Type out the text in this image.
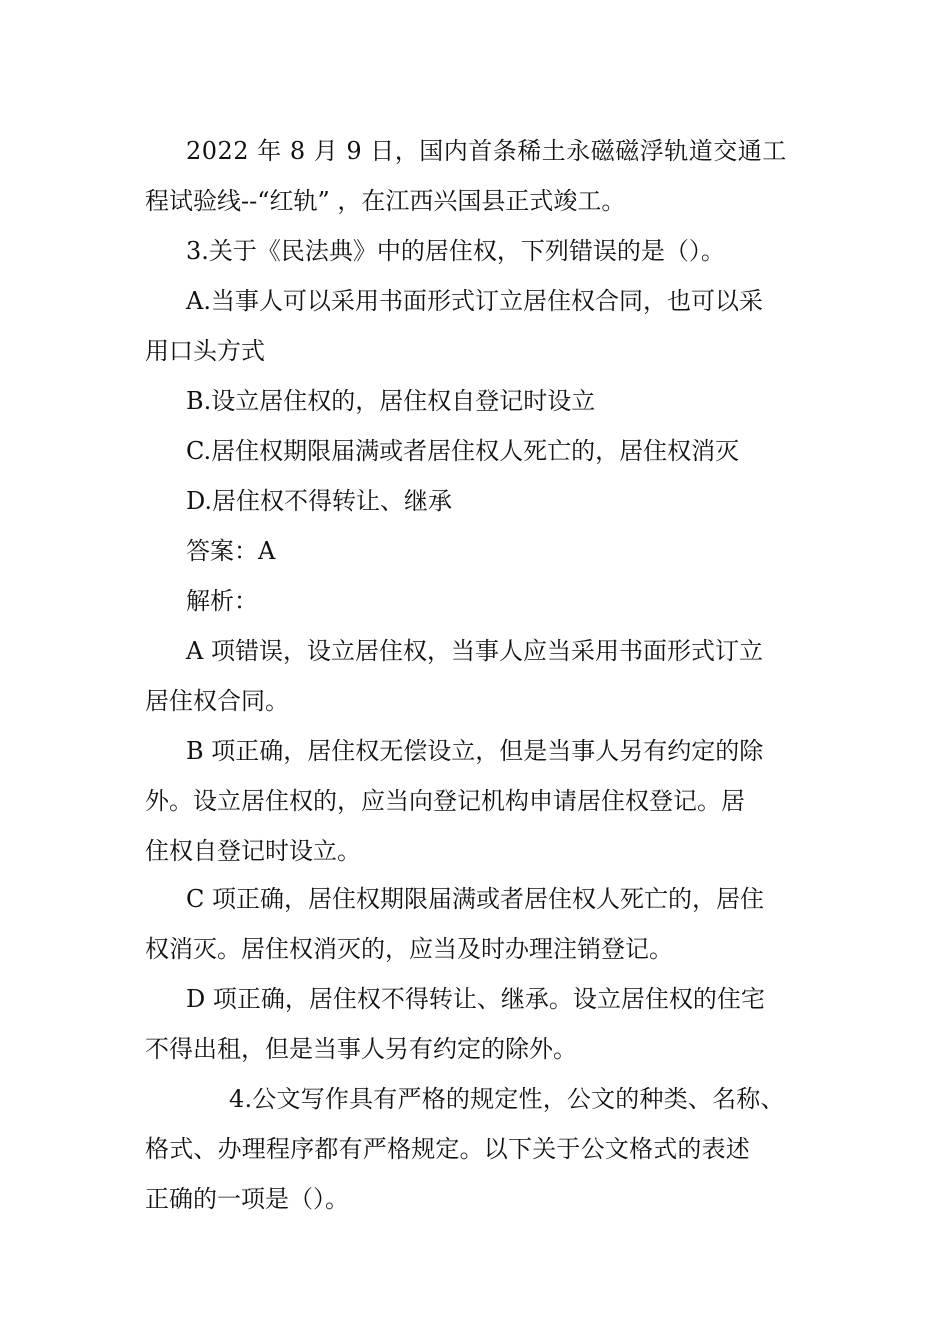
2022 年 8 月 9 日，国内首条稀土永磁磁浮轨道交通工
程试验线--“红轨” ，在江西兴国县正式竣工。
3.关于《民法典》中的居住权，下列错误的是（）。
A.当事人可以采用书面形式订立居住权合同，也可以采
用口头方式
B.设立居住权的，居住权自登记时设立
C.居住权期限届满或者居住权人死亡的，居住权消灭
D.居住权不得转让、继承
答案：A
解析：
A 项错误，设立居住权，当事人应当采用书面形式订立
居住权合同。
B 项正确，居住权无偿设立，但是当事人另有约定的除
外。设立居住权的，应当向登记机构申请居住权登记。居
住权自登记时设立。
C 项正确，居住权期限届满或者居住权人死亡的，居住
权消灭。居住权消灭的，应当及时办理注销登记。
D 项正确，居住权不得转让、继承。设立居住权的住宅
不得出租，但是当事人另有约定的除外。
4.公文写作具有严格的规定性，公文的种类、名称、
格式、办理程序都有严格规定。以下关于公文格式的表述
正确的一项是（）。
